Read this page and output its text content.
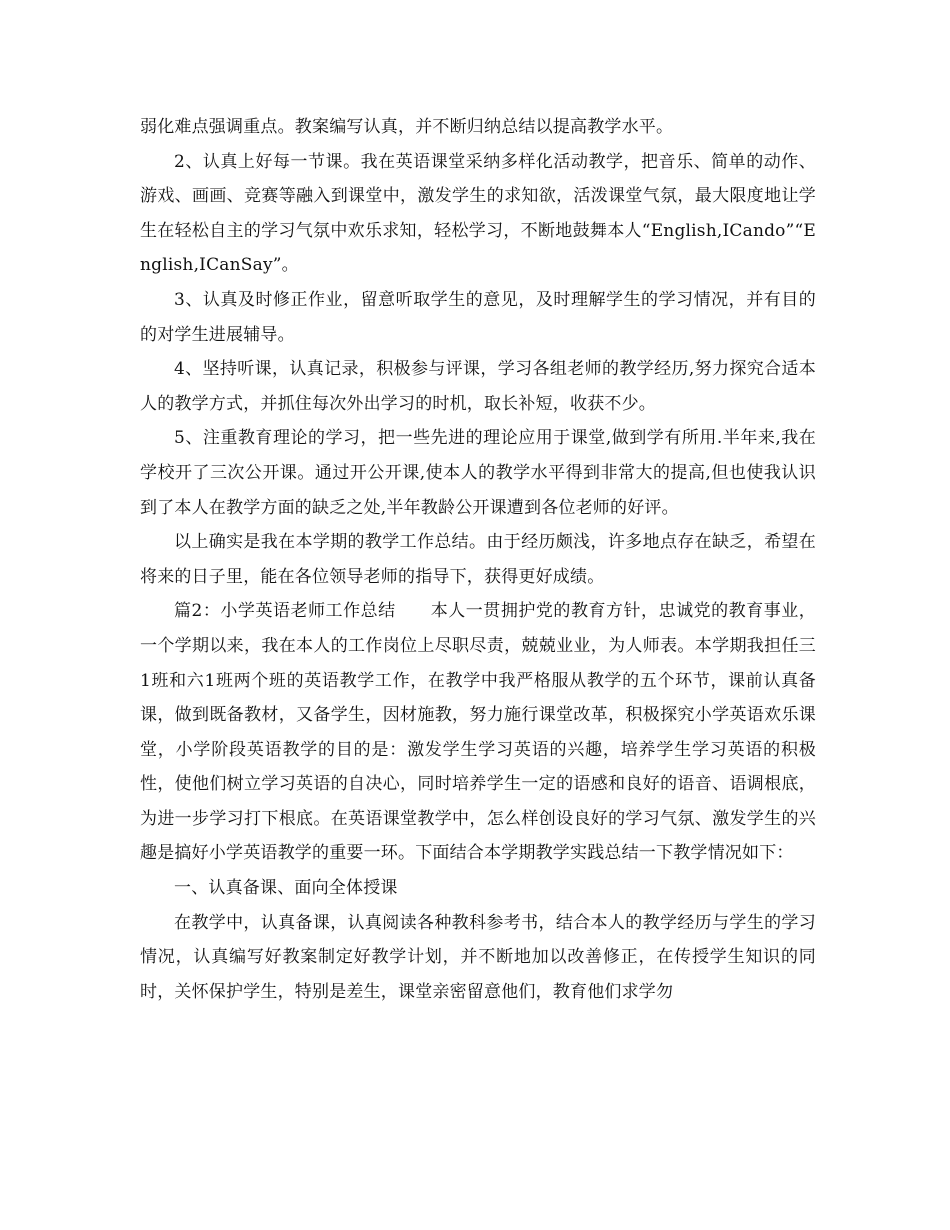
弱化难点强调重点。教案编写认真，并不断归纳总结以提高教学水平。

2、认真上好每一节课。我在英语课堂采纳多样化活动教学，把音乐、简单的动作、游戏、画画、竞赛等融入到课堂中，激发学生的求知欲，活泼课堂气氛，最大限度地让学生在轻松自主的学习气氛中欢乐求知，轻松学习，不断地鼓舞本人“English,ICando”“English,ICanSay”。

3、认真及时修正作业，留意听取学生的意见，及时理解学生的学习情况，并有目的的对学生进展辅导。

4、坚持听课，认真记录，积极参与评课，学习各组老师的教学经历,努力探究合适本人的教学方式，并抓住每次外出学习的时机，取长补短，收获不少。

5、注重教育理论的学习，把一些先进的理论应用于课堂,做到学有所用.半年来,我在学校开了三次公开课。通过开公开课,使本人的教学水平得到非常大的提高,但也使我认识到了本人在教学方面的缺乏之处,半年教龄公开课遭到各位老师的好评。

以上确实是我在本学期的教学工作总结。由于经历颇浅，许多地点存在缺乏，希望在将来的日子里，能在各位领导老师的指导下，获得更好成绩。

篇2：小学英语老师工作总结　　本人一贯拥护党的教育方针，忠诚党的教育事业，一个学期以来，我在本人的工作岗位上尽职尽责，兢兢业业，为人师表。本学期我担任三1班和六1班两个班的英语教学工作，在教学中我严格服从教学的五个环节，课前认真备课，做到既备教材，又备学生，因材施教，努力施行课堂改革，积极探究小学英语欢乐课堂，小学阶段英语教学的目的是：激发学生学习英语的兴趣，培养学生学习英语的积极性，使他们树立学习英语的自决心，同时培养学生一定的语感和良好的语音、语调根底，为进一步学习打下根底。在英语课堂教学中，怎么样创设良好的学习气氛、激发学生的兴趣是搞好小学英语教学的重要一环。下面结合本学期教学实践总结一下教学情况如下：

一、认真备课、面向全体授课

在教学中，认真备课，认真阅读各种教科参考书，结合本人的教学经历与学生的学习情况，认真编写好教案制定好教学计划，并不断地加以改善修正，在传授学生知识的同时，关怀保护学生，特别是差生，课堂亲密留意他们，教育他们求学勿
